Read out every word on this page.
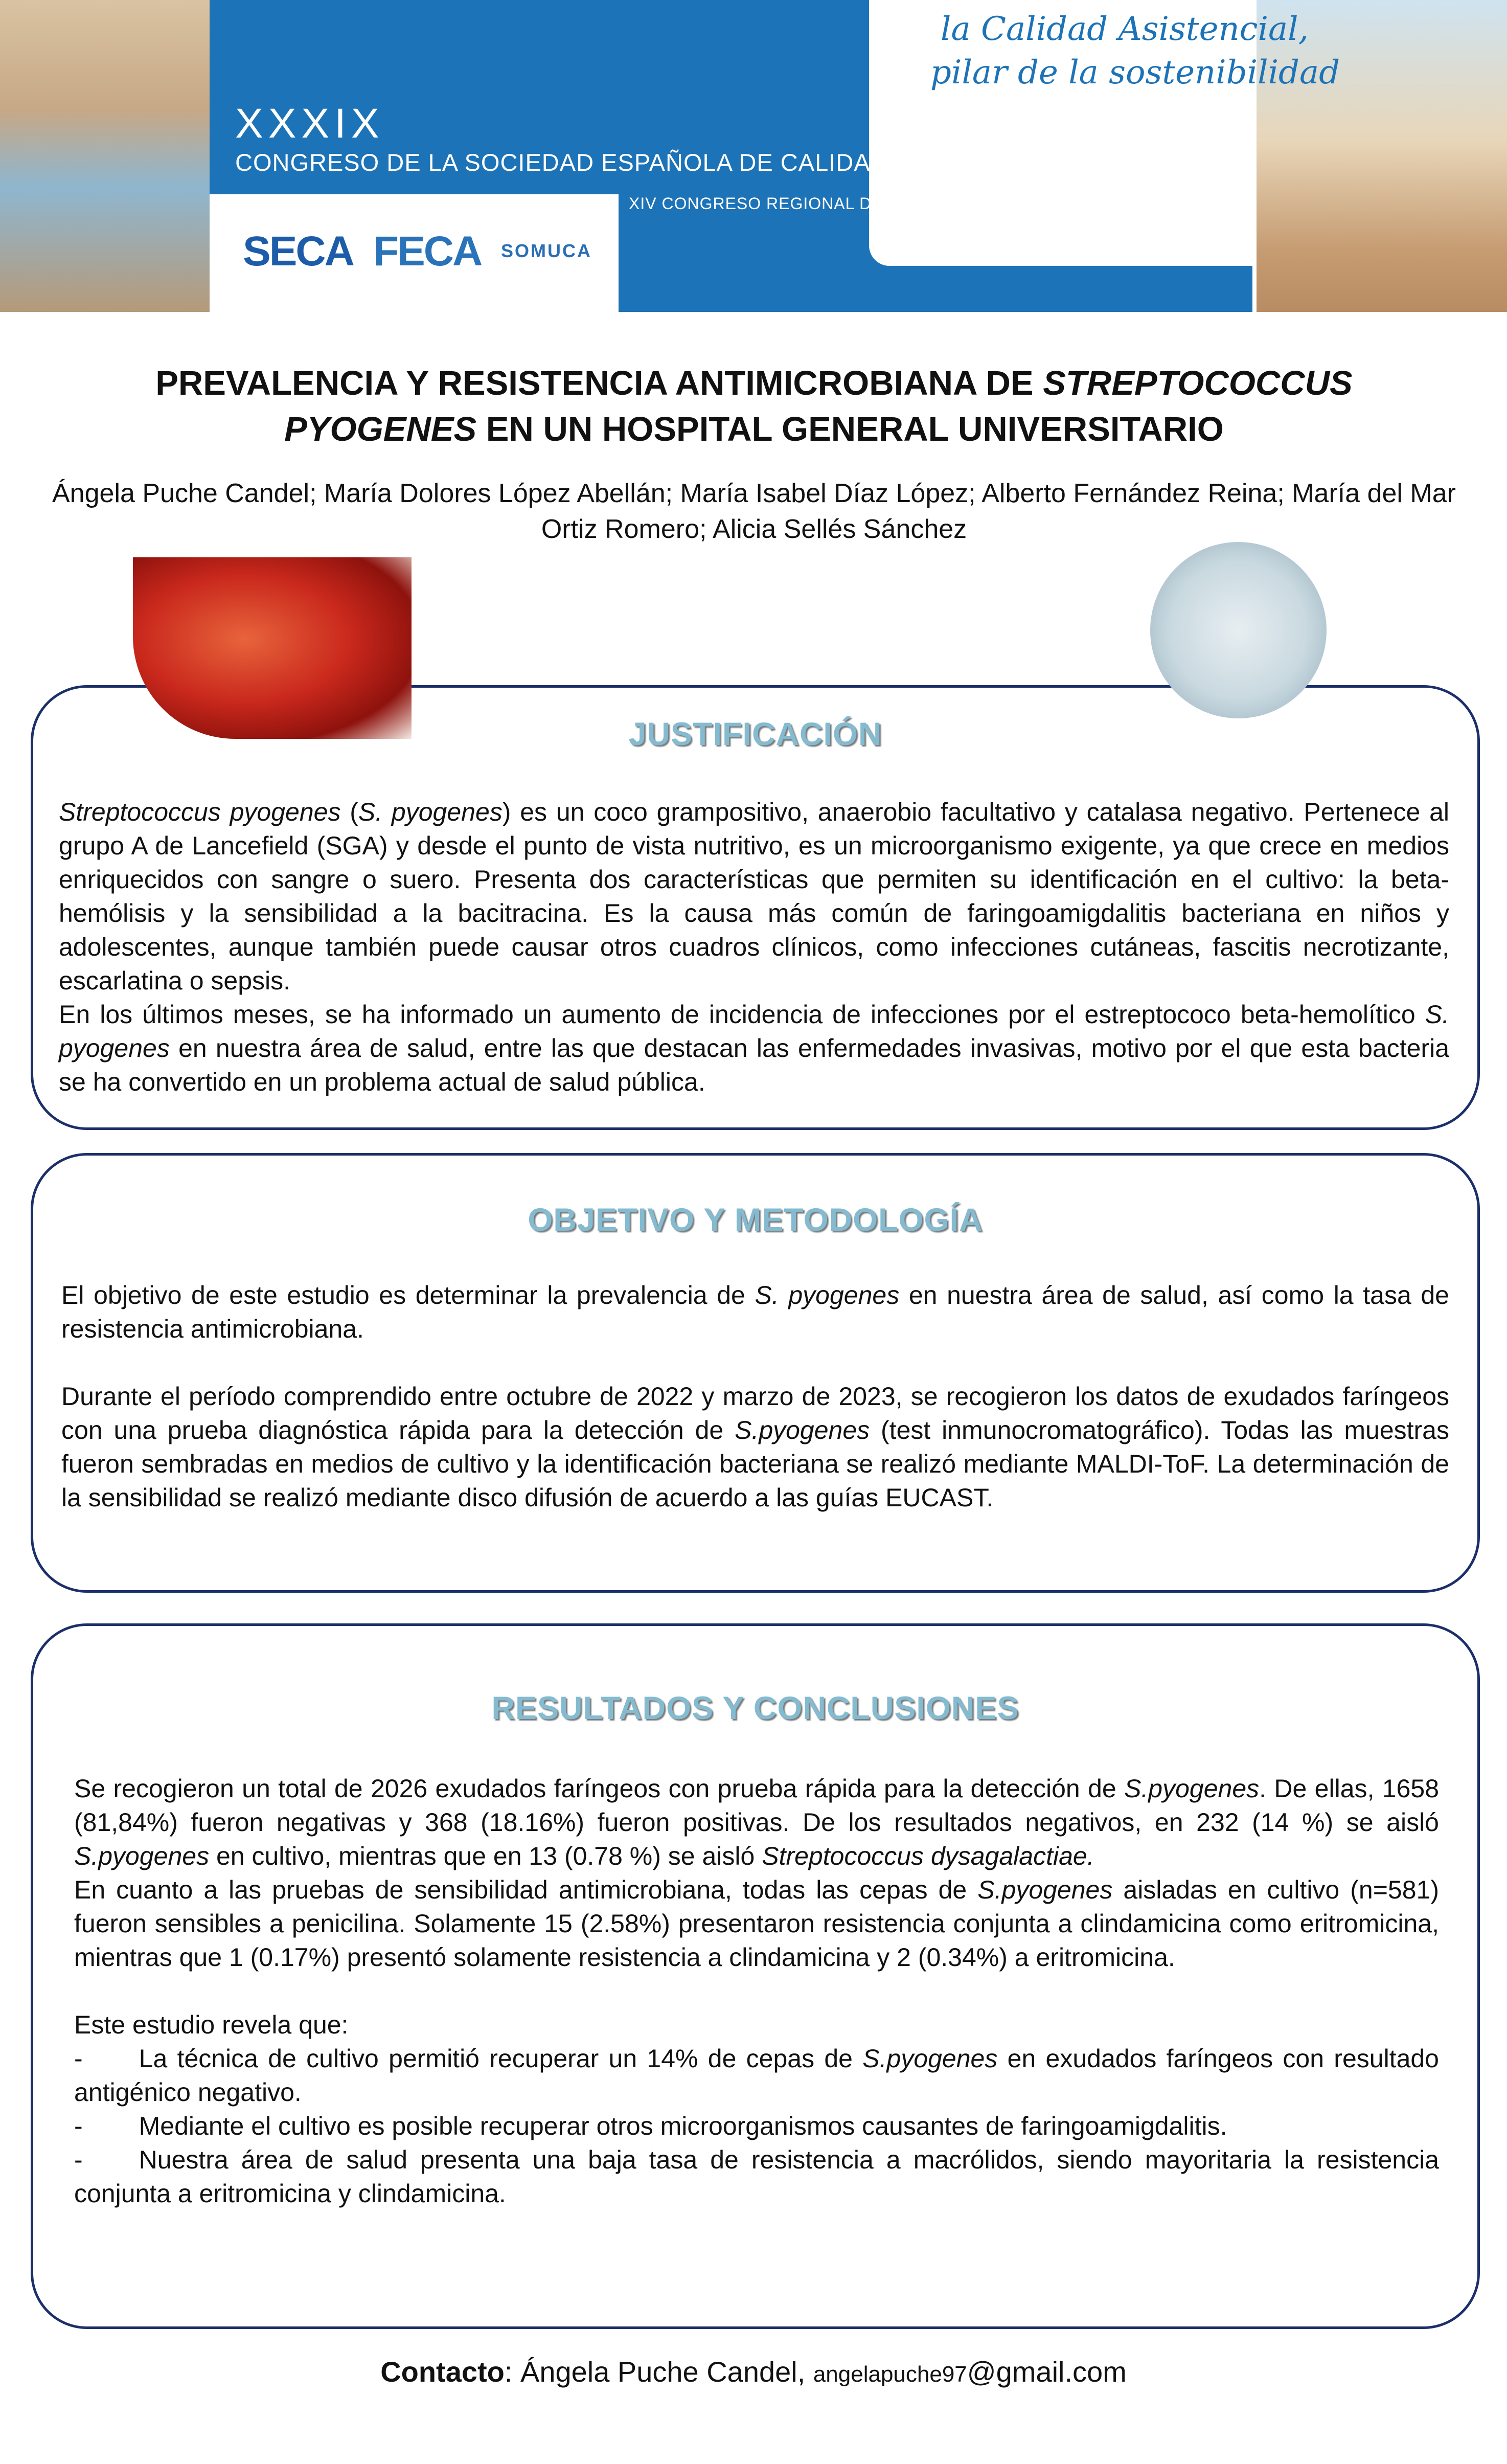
la Calidad Asistencial,
pilar de la sostenibilidad
XXXIX
CONGRESO DE LA SOCIEDAD ESPAÑOLA DE CALIDAD ASISTENCIAL
XIV CONGRESO REGIONAL DE CALIDAD ASISTENCIAL
Murcia, 25-27 octubre 2023
SECA FECA SOMUCA
PREVALENCIA Y RESISTENCIA ANTIMICROBIANA DE STREPTOCOCCUS
PYOGENES EN UN HOSPITAL GENERAL UNIVERSITARIO
Ángela Puche Candel; María Dolores López Abellán; María Isabel Díaz López; Alberto Fernández Reina; María del Mar Ortiz Romero; Alicia Sellés Sánchez
JUSTIFICACIÓN

Streptococcus pyogenes (S. pyogenes) es un coco grampositivo, anaerobio facultativo y catalasa negativo. Pertenece al grupo A de Lancefield (SGA) y desde el punto de vista nutritivo, es un microorganismo exigente, ya que crece en medios enriquecidos con sangre o suero. Presenta dos características que permiten su identificación en el cultivo: la beta-hemólisis y la sensibilidad a la bacitracina. Es la causa más común de faringoamigdalitis bacteriana en niños y adolescentes, aunque también puede causar otros cuadros clínicos, como infecciones cutáneas, fascitis necrotizante, escarlatina o sepsis.

En los últimos meses, se ha informado un aumento de incidencia de infecciones por el estreptococo beta-hemolítico S. pyogenes en nuestra área de salud, entre las que destacan las enfermedades invasivas, motivo por el que esta bacteria se ha convertido en un problema actual de salud pública.

OBJETIVO Y METODOLOGÍA

El objetivo de este estudio es determinar la prevalencia de S. pyogenes en nuestra área de salud, así como la tasa de resistencia antimicrobiana.

Durante el período comprendido entre octubre de 2022 y marzo de 2023, se recogieron los datos de exudados faríngeos con una prueba diagnóstica rápida para la detección de S.pyogenes (test inmunocromatográfico). Todas las muestras fueron sembradas en medios de cultivo y la identificación bacteriana se realizó mediante MALDI-ToF. La determinación de la sensibilidad se realizó mediante disco difusión de acuerdo a las guías EUCAST.

RESULTADOS Y CONCLUSIONES

Se recogieron un total de 2026 exudados faríngeos con prueba rápida para la detección de S.pyogenes. De ellas, 1658 (81,84%) fueron negativas y 368 (18.16%) fueron positivas. De los resultados negativos, en 232 (14 %) se aisló S.pyogenes en cultivo, mientras que en 13 (0.78 %) se aisló Streptococcus dysagalactiae.

En cuanto a las pruebas de sensibilidad antimicrobiana, todas las cepas de S.pyogenes aisladas en cultivo (n=581) fueron sensibles a penicilina. Solamente 15 (2.58%) presentaron resistencia conjunta a clindamicina como eritromicina, mientras que 1 (0.17%) presentó solamente resistencia a clindamicina y 2 (0.34%) a eritromicina.

Este estudio revela que:

- La técnica de cultivo permitió recuperar un 14% de cepas de S.pyogenes en exudados faríngeos con resultado antigénico negativo.

- Mediante el cultivo es posible recuperar otros microorganismos causantes de faringoamigdalitis.

- Nuestra área de salud presenta una baja tasa de resistencia a macrólidos, siendo mayoritaria la resistencia conjunta a eritromicina y clindamicina.

Contacto: Ángela Puche Candel, angelapuche97@gmail.com
